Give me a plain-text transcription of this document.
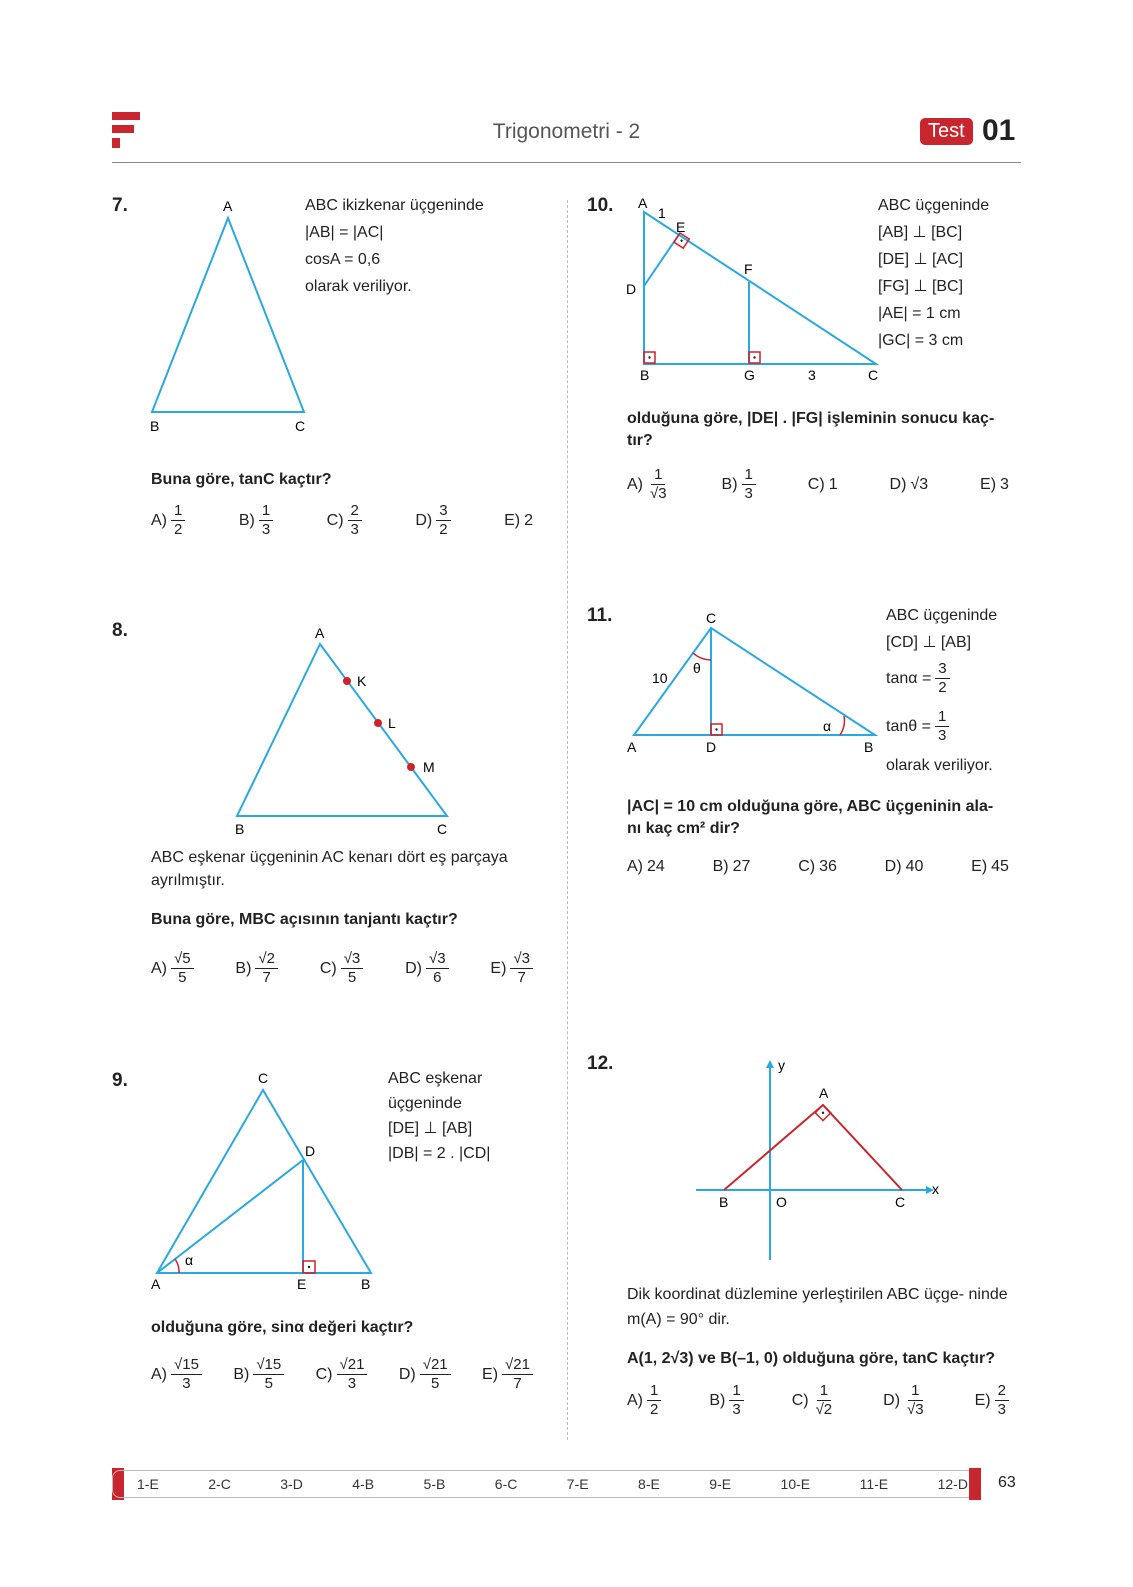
Trigonometri - 2	Test 01
7.	A
B	C
ABC ikizkenar üçgeninde
|AB| = |AC|
cosA = 0,6
olarak veriliyor.
Buna göre, tanC kaçtır?
$A) \frac{1}{2}$	$B) \frac{1}{3}$	$C) \frac{2}{3}$	$D) \frac{3}{2}$	E) 2
8.	A
K
L
M
B	C
ABC eşkenar üçgeninin AC kenarı dört eş parçaya ayrılmıştır.
Buna göre, MBC açısının tanjantı kaçtır?
$A) \frac{√5}{5}$	$B) \frac{√2}{7}$	$C) \frac{√3}{5}$	$D) \frac{√3}{6}$	$E) \frac{√3}{7}$
9.
α
C
D
A	E	B
ABC eşkenar
üçgeninde
[DE] ⊥ [AB]
|DB| = 2 . |CD|
olduğuna göre, sinα değeri kaçtır?
$A) \frac{√15}{3} B) \frac{√15}{5} C) \frac{√21}{3} D) \frac{√21}{5} E) \frac{√21}{7}$
10. A
1
E
F
D
B	G	3	C
ABC üçgeninde
[AB] ⊥ [BC]
[DE] ⊥ [AC]
[FG] ⊥ [BC]
|AE| = 1 cm
|GC| = 3 cm
olduğuna göre, |DE| . |FG| işleminin sonucu kaç- tır?
$A) \frac{1}{√3}$	$B) \frac{1}{3}$	C) 1	D) √3	E) 3
11.	C
10
θ
α
A	D	B
ABC üçgeninde
[CD] ⊥ [AB]
$\tan\alpha = \frac{3}{2}$
$\tan\theta = \frac{1}{3}$
olarak veriliyor.
|AC| = 10 cm olduğuna göre, ABC üçgeninin ala- nı kaç cm² dir?
A) 24	B) 27	C) 36	D) 40	E) 45
12.	y
x
A
B	O	C
Dik koordinat düzlemine yerleştirilen ABC üçge- ninde m(A) = 90° dir.
A(1, 2√3) ve B(–1, 0) olduğuna göre, tanC kaçtır?
$A) \frac{1}{2}$	$B) \frac{1}{3}$	$C) \frac{1}{√2}$	$D) \frac{1}{√3}$	$E) \frac{2}{3}$
1-E	2-C	3-D	4-B	5-B	6-C	7-E	8-E	9-E	10-E	11-E	12-D 63
